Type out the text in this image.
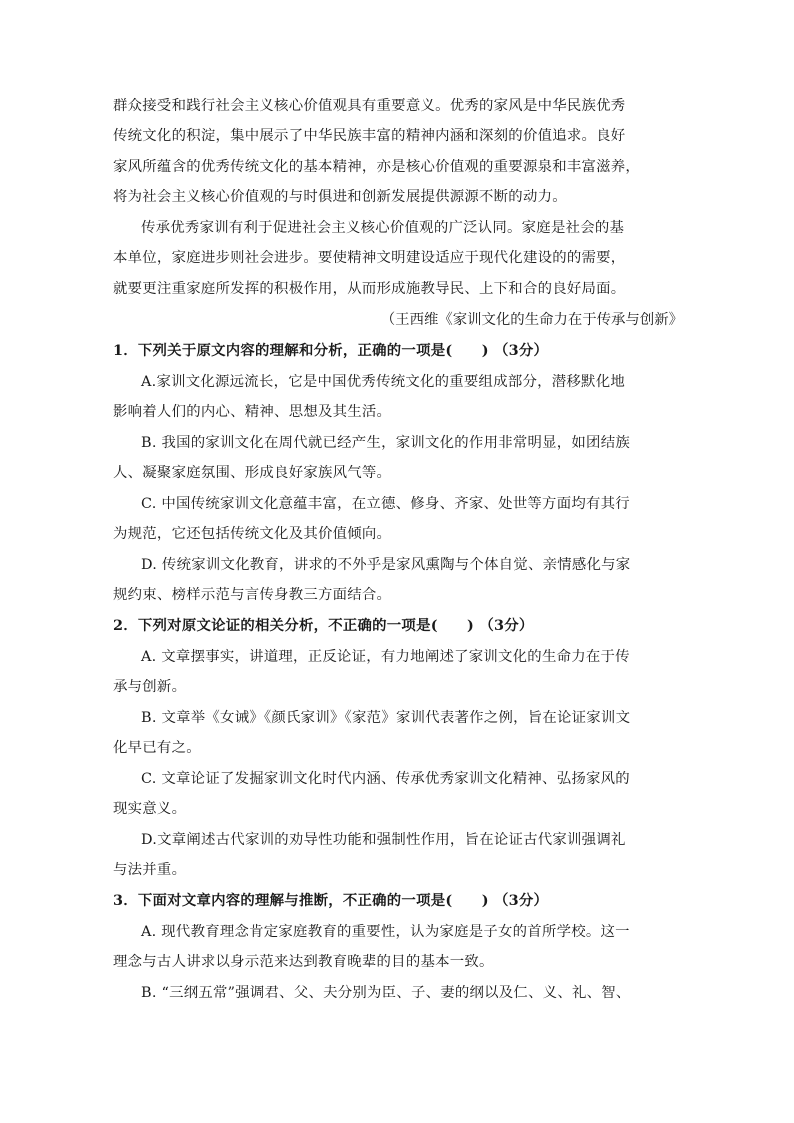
群众接受和践行社会主义核心价值观具有重要意义。优秀的家风是中华民族优秀
传统文化的积淀，集中展示了中华民族丰富的精神内涵和深刻的价值追求。良好
家风所蕴含的优秀传统文化的基本精神，亦是核心价值观的重要源泉和丰富滋养，
将为社会主义核心价值观的与时俱进和创新发展提供源源不断的动力。
传承优秀家训有利于促进社会主义核心价值观的广泛认同。家庭是社会的基
本单位，家庭进步则社会进步。要使精神文明建设适应于现代化建设的的需要，
就要更注重家庭所发挥的积极作用，从而形成施教导民、上下和合的良好局面。
（王西维《家训文化的生命力在于传承与创新》
1．下列关于原文内容的理解和分析，正确的一项是(　　) （3分）
A.家训文化源远流长，它是中国优秀传统文化的重要组成部分，潜移默化地
影响着人们的内心、精神、思想及其生活。
B. 我国的家训文化在周代就已经产生，家训文化的作用非常明显，如团结族
人、凝聚家庭氛围、形成良好家族风气等。
C. 中国传统家训文化意蕴丰富，在立德、修身、齐家、处世等方面均有其行
为规范，它还包括传统文化及其价值倾向。
D. 传统家训文化教育，讲求的不外乎是家风熏陶与个体自觉、亲情感化与家
规约束、榜样示范与言传身教三方面结合。
2．下列对原文论证的相关分析，不正确的一项是(　　) （3分）
A. 文章摆事实，讲道理，正反论证，有力地阐述了家训文化的生命力在于传
承与创新。
B. 文章举《女诫》《颜氏家训》《家范》家训代表著作之例，旨在论证家训文
化早已有之。
C. 文章论证了发掘家训文化时代内涵、传承优秀家训文化精神、弘扬家风的
现实意义。
D.文章阐述古代家训的劝导性功能和强制性作用，旨在论证古代家训强调礼
与法并重。
3．下面对文章内容的理解与推断，不正确的一项是(　　) （3分）
A. 现代教育理念肯定家庭教育的重要性，认为家庭是子女的首所学校。这一
理念与古人讲求以身示范来达到教育晚辈的目的基本一致。
B. “三纲五常”强调君、父、夫分别为臣、子、妻的纲以及仁、义、礼、智、
